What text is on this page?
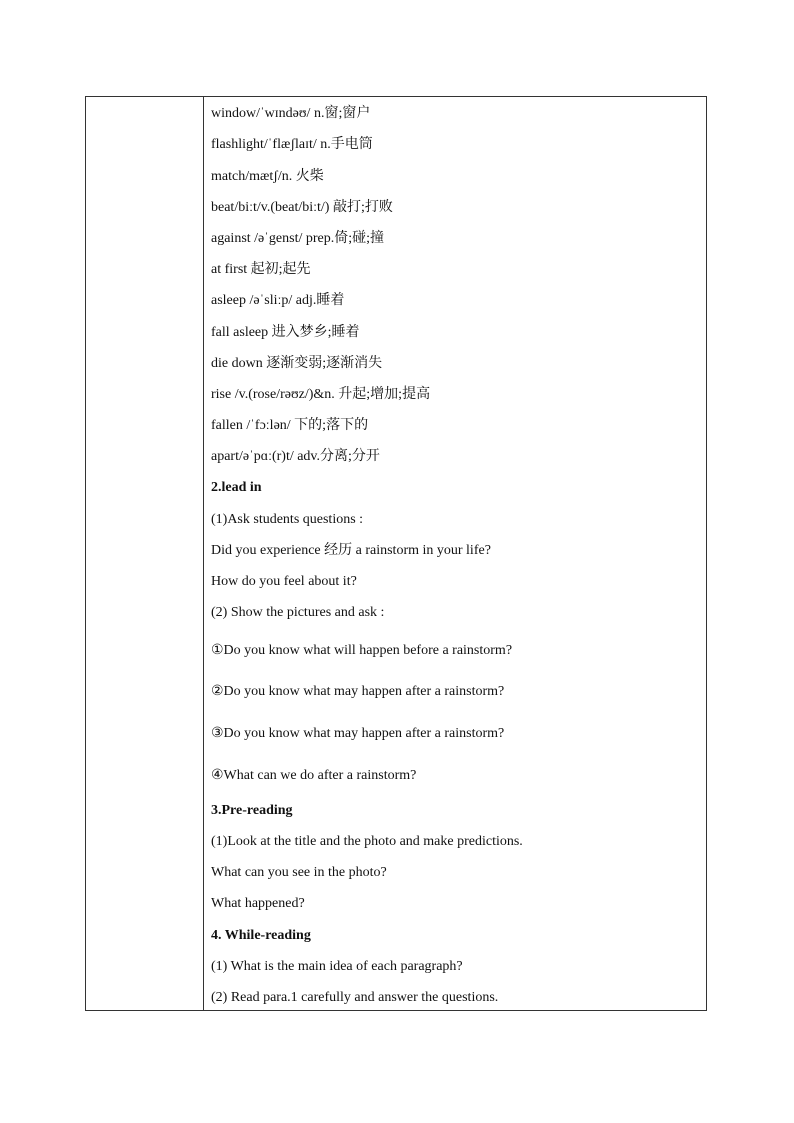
window/ˈwɪndəʊ/ n.窗;窗户
flashlight/ˈflæʃlaɪt/ n.手电筒
match/mætʃ/n. 火柴
beat/biːt/v.(beat/biːt/) 敲打;打败
against /əˈgenst/ prep.倚;碰;撞
at first 起初;起先
asleep /əˈsliːp/ adj.睡着
fall asleep 进入梦乡;睡着
die down 逐渐变弱;逐渐消失
rise /v.(rose/rəʊz/)&n. 升起;增加;提高
fallen /ˈfɔːlən/ 下的;落下的
apart/əˈpɑː(r)t/ adv.分离;分开
2.lead in
(1)Ask students questions :
Did you experience 经历 a rainstorm in your life?
How do you feel about it?
(2) Show the pictures and ask :
①Do you know what will happen before a rainstorm?
②Do you know what may happen after a rainstorm?
③Do you know what may happen after a rainstorm?
④What can we do after a rainstorm?
3.Pre-reading
(1)Look at the title and the photo and make predictions.
What can you see in the photo?
What happened?
4. While-reading
(1) What is the main idea of each paragraph?
(2) Read para.1 carefully and answer the questions.
